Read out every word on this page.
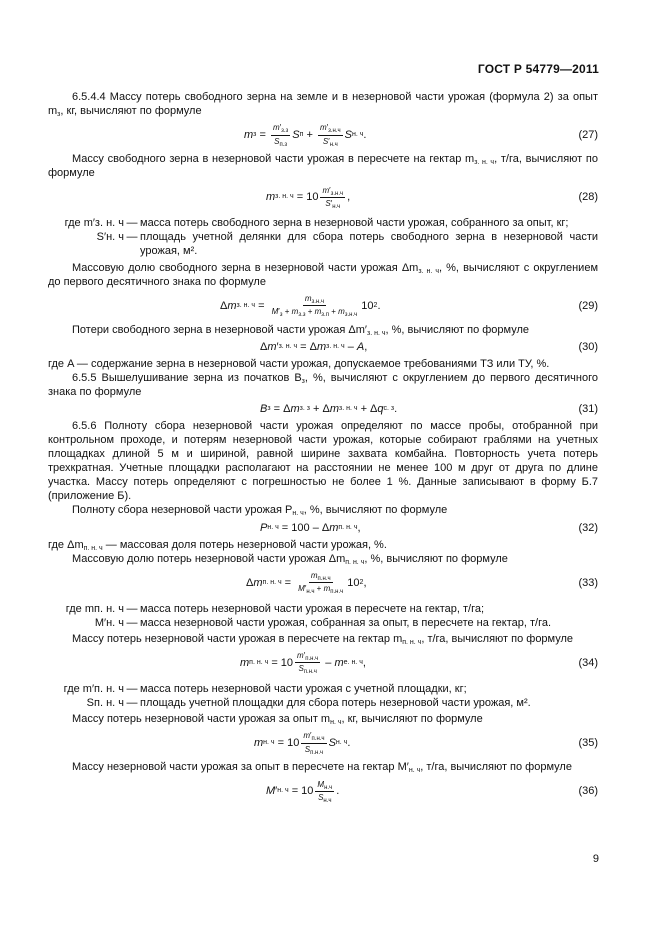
ГОСТ Р 54779—2011

6.5.4.4 Массу потерь свободного зерна на земле и в незерновой части урожая (формула 2) за опыт $m_з$, кг, вычисляют по формуле

m $з = \frac{m'_{з.з}}{S_{п.з}}$ S $п + \frac{m'_{з.н.ч}}{S'_{н.ч}}$ S н. ч .	(27)

Массу свободного зерна в незерновой части урожая в пересчете на гектар $m_{з. н. ч}$, т/га, вычисляют по формуле

m з. н. $ч = 10 \frac{m'_{з.н.ч}}{S'_{н.ч}}$ ,	(28)
где m′з. н. ч — масса потерь свободного зерна в незерновой части урожая, собранного за опыт, кг;
S′н. ч — площадь учетной делянки для сбора потерь свободного зерна в незерновой части урожая, м².

Массовую долю свободного зерна в незерновой части урожая $\Delta m_{з. н. ч}$, %, вычисляют с округлением до первого десятичного знака по формуле

Δ m з. н. $ч = \frac{m_{з.н.ч}}{M'_з + m_{з.з} + m_{з.п} + m_{з.н.ч}} 10$ 2 .	(29)

Потери свободного зерна в незерновой части урожая $\Delta m'_{з. н. ч}$, %, вычисляют по формуле

Δ m ′ з. н. ч = Δ m з. н. ч – A ,	(30)

где A — содержание зерна в незерновой части урожая, допускаемое требованиями ТЗ или ТУ, %.

6.5.5 Вышелушивание зерна из початков $B_з$, %, вычисляют с округлением до первого десятичного знака по формуле

B з = Δ m з. з + Δ m з. н. ч + Δ q с. з .	(31)

6.5.6 Полноту сбора незерновой части урожая определяют по массе пробы, отобранной при контрольном проходе, и потерям незерновой части урожая, которые собирают граблями на учетных площадках длиной 5 м и шириной, равной ширине захвата комбайна. Повторность учета потерь трехкратная. Учетные площадки располагают на расстоянии не менее 100 м друг от друга по длине участка. Массу потерь определяют с погрешностью не более 1 %. Данные записывают в форму Б.7 (приложение Б).

Полноту сбора незерновой части урожая $P_{н. ч}$, %, вычисляют по формуле

P н. ч = 100 – Δ m п. н. ч ,	(32)

где $\Delta m_{п. н. ч}$ — массовая доля потерь незерновой части урожая, %.

Массовую долю потерь незерновой части урожая $\Delta m_{п. н. ч}$, %, вычисляют по формуле

Δ m п. н. $ч = \frac{m_{п.н.ч}}{M'_{н.ч} + m_{п.н.ч}} 10$ 2 ,	(33)
где mп. н. ч — масса потерь незерновой части урожая в пересчете на гектар, т/га;
M′н. ч — масса незерновой части урожая, собранная за опыт, в пересчете на гектар, т/га.

Массу потерь незерновой части урожая в пересчете на гектар $m_{п. н. ч}$, т/га, вычисляют по формуле

m п. н. $ч = 10 \frac{m'_{п.н.ч}}{S_{п.н.ч}} - m$ е. н. ч ,	(34)
где m′п. н. ч — масса потерь незерновой части урожая с учетной площадки, кг;
Sп. н. ч — площадь учетной площадки для сбора потерь незерновой части урожая, м².

Массу потерь незерновой части урожая за опыт $m_{н. ч}$, кг, вычисляют по формуле

m н. $ч = 10 \frac{m'_{п.н.ч}}{S_{п.н.ч}}$ S н. ч .	(35)

Массу незерновой части урожая за опыт в пересчете на гектар $M'_{н. ч}$, т/га, вычисляют по формуле

M ′ н. $ч = 10 \frac{M_{н.ч}}{S_{н.ч}}$ .	(36)
9
